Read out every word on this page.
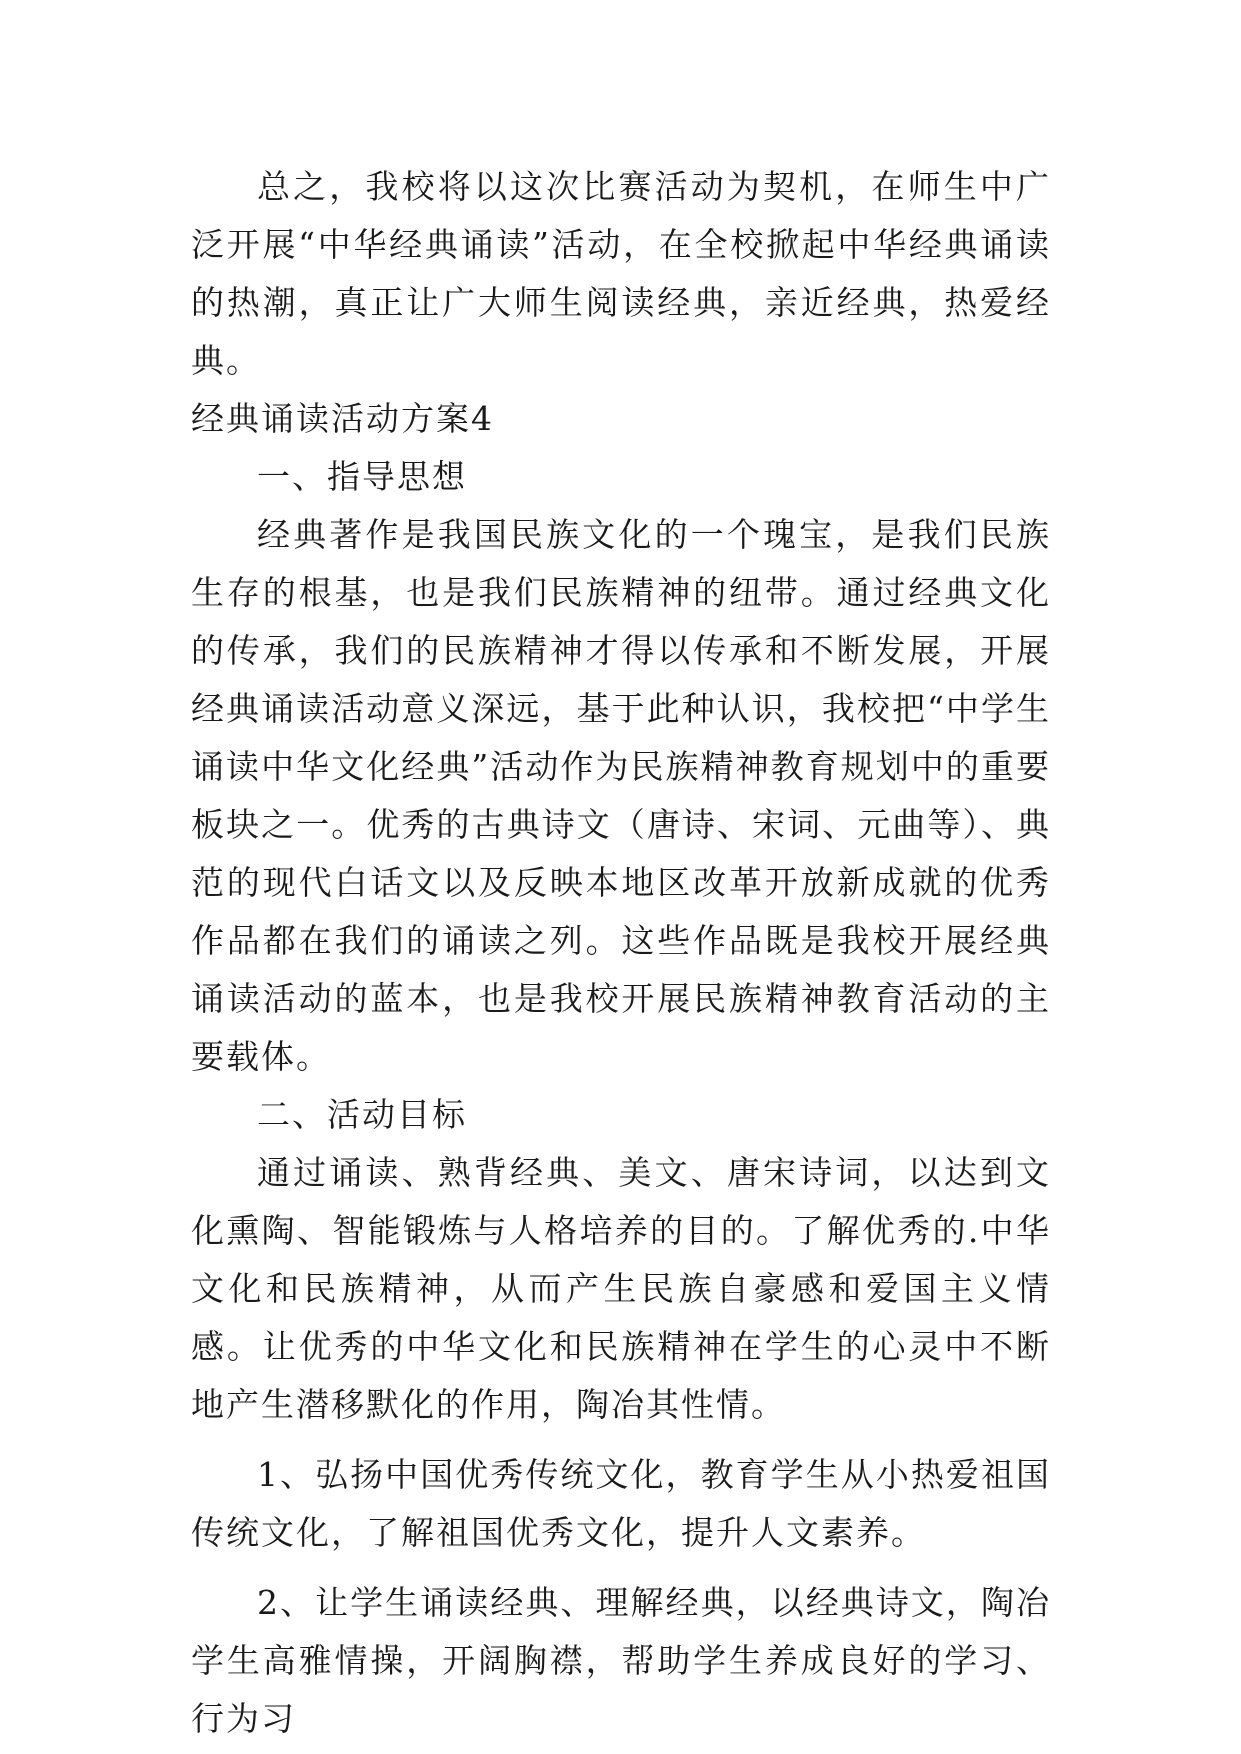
总之，我校将以这次比赛活动为契机，在师生中广泛开展“中华经典诵读”活动，在全校掀起中华经典诵读的热潮，真正让广大师生阅读经典，亲近经典，热爱经典。

经典诵读活动方案4

一、指导思想

经典著作是我国民族文化的一个瑰宝，是我们民族生存的根基，也是我们民族精神的纽带。通过经典文化的传承，我们的民族精神才得以传承和不断发展，开展经典诵读活动意义深远，基于此种认识，我校把“中学生诵读中华文化经典”活动作为民族精神教育规划中的重要板块之一。优秀的古典诗文（唐诗、宋词、元曲等）、典范的现代白话文以及反映本地区改革开放新成就的优秀作品都在我们的诵读之列。这些作品既是我校开展经典诵读活动的蓝本，也是我校开展民族精神教育活动的主要载体。

二、活动目标

通过诵读、熟背经典、美文、唐宋诗词，以达到文化熏陶、智能锻炼与人格培养的目的。了解优秀的.中华文化和民族精神，从而产生民族自豪感和爱国主义情感。让优秀的中华文化和民族精神在学生的心灵中不断地产生潜移默化的作用，陶冶其性情。

1、弘扬中国优秀传统文化，教育学生从小热爱祖国传统文化，了解祖国优秀文化，提升人文素养。

2、让学生诵读经典、理解经典，以经典诗文，陶冶学生高雅情操，开阔胸襟，帮助学生养成良好的学习、行为习
